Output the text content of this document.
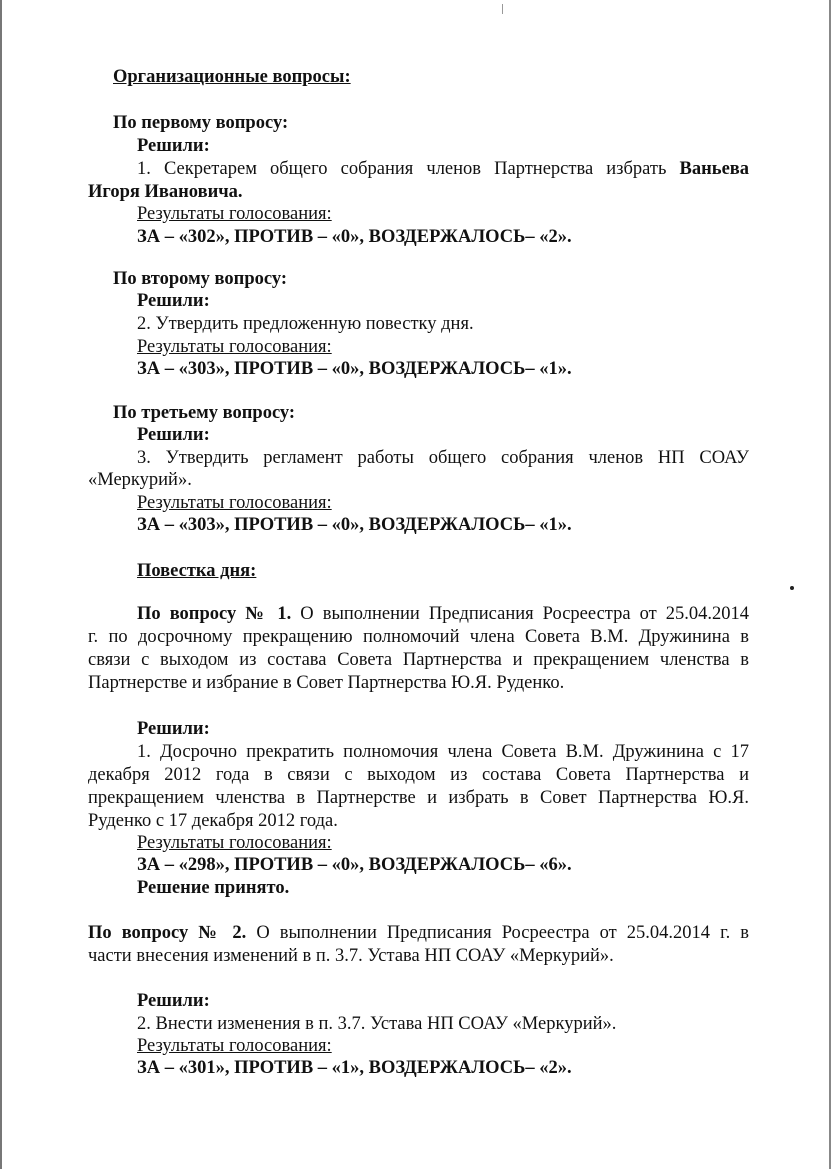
Организационные вопросы:
По первому вопросу:
Решили:
1. Секретарем общего собрания членов Партнерства избрать Ваньева
Игоря Ивановича.
Результаты голосования:
ЗА – «302», ПРОТИВ – «0», ВОЗДЕРЖАЛОСЬ– «2».
По второму вопросу:
Решили:
2. Утвердить предложенную повестку дня.
Результаты голосования:
ЗА – «303», ПРОТИВ – «0», ВОЗДЕРЖАЛОСЬ– «1».
По третьему вопросу:
Решили:
3. Утвердить регламент работы общего собрания членов НП СОАУ
«Меркурий».
Результаты голосования:
ЗА – «303», ПРОТИВ – «0», ВОЗДЕРЖАЛОСЬ– «1».
Повестка дня:
По вопросу № 1. О выполнении Предписания Росреестра от 25.04.2014
г. по досрочному прекращению полномочий члена Совета В.М. Дружинина в
связи с выходом из состава Совета Партнерства и прекращением членства в
Партнерстве и избрание в Совет Партнерства Ю.Я. Руденко.
Решили:
1. Досрочно прекратить полномочия члена Совета В.М. Дружинина с 17
декабря 2012 года в связи с выходом из состава Совета Партнерства и
прекращением членства в Партнерстве и избрать в Совет Партнерства Ю.Я.
Руденко с 17 декабря 2012 года.
Результаты голосования:
ЗА – «298», ПРОТИВ – «0», ВОЗДЕРЖАЛОСЬ– «6».
Решение принято.
По вопросу № 2. О выполнении Предписания Росреестра от 25.04.2014 г. в
части внесения изменений в п. 3.7. Устава НП СОАУ «Меркурий».
Решили:
2. Внести изменения в п. 3.7. Устава НП СОАУ «Меркурий».
Результаты голосования:
ЗА – «301», ПРОТИВ – «1», ВОЗДЕРЖАЛОСЬ– «2».
